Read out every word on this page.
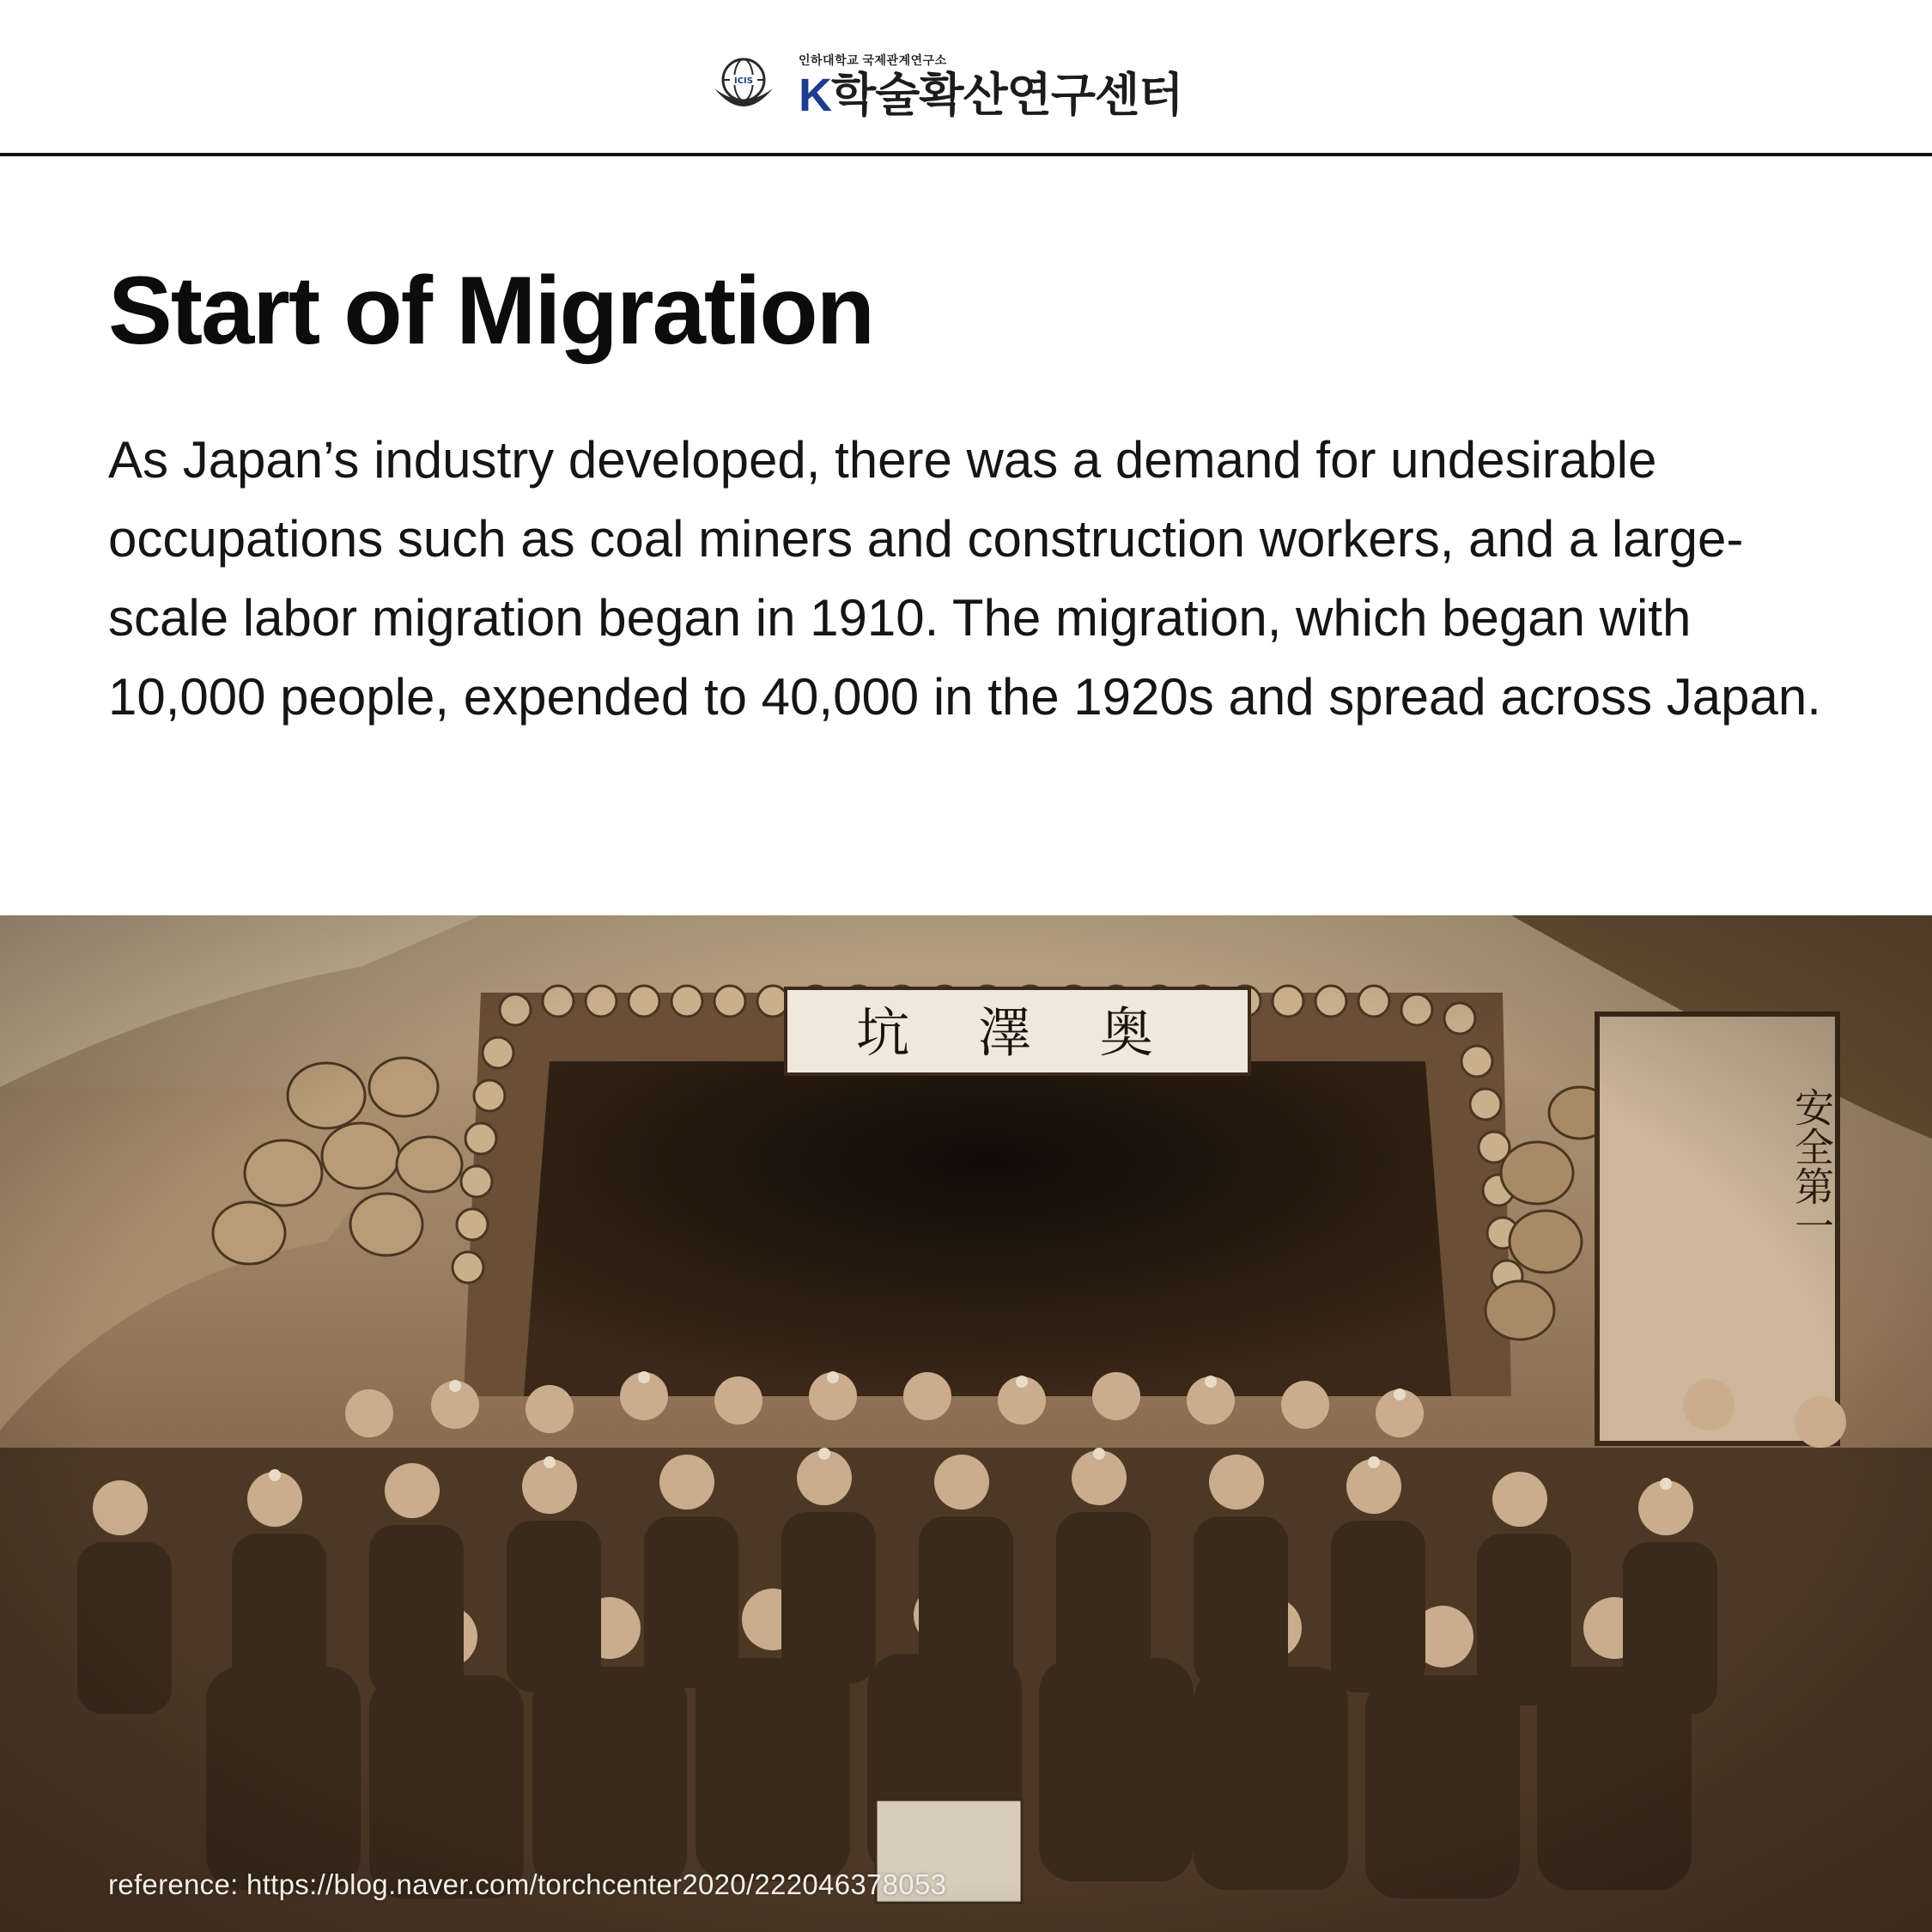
ICIS
인하대학교 국제관계연구소
K학술확산연구센터
Start of Migration

As Japan’s industry developed, there was a demand for undesirable occupations such as coal miners and construction workers, and a large-scale labor migration began in 1910. The migration, which began with 10,000 people, expended to 40,000 in the 1920s and spread across Japan.

reference: https://blog.naver.com/torchcenter2020/222046378053
